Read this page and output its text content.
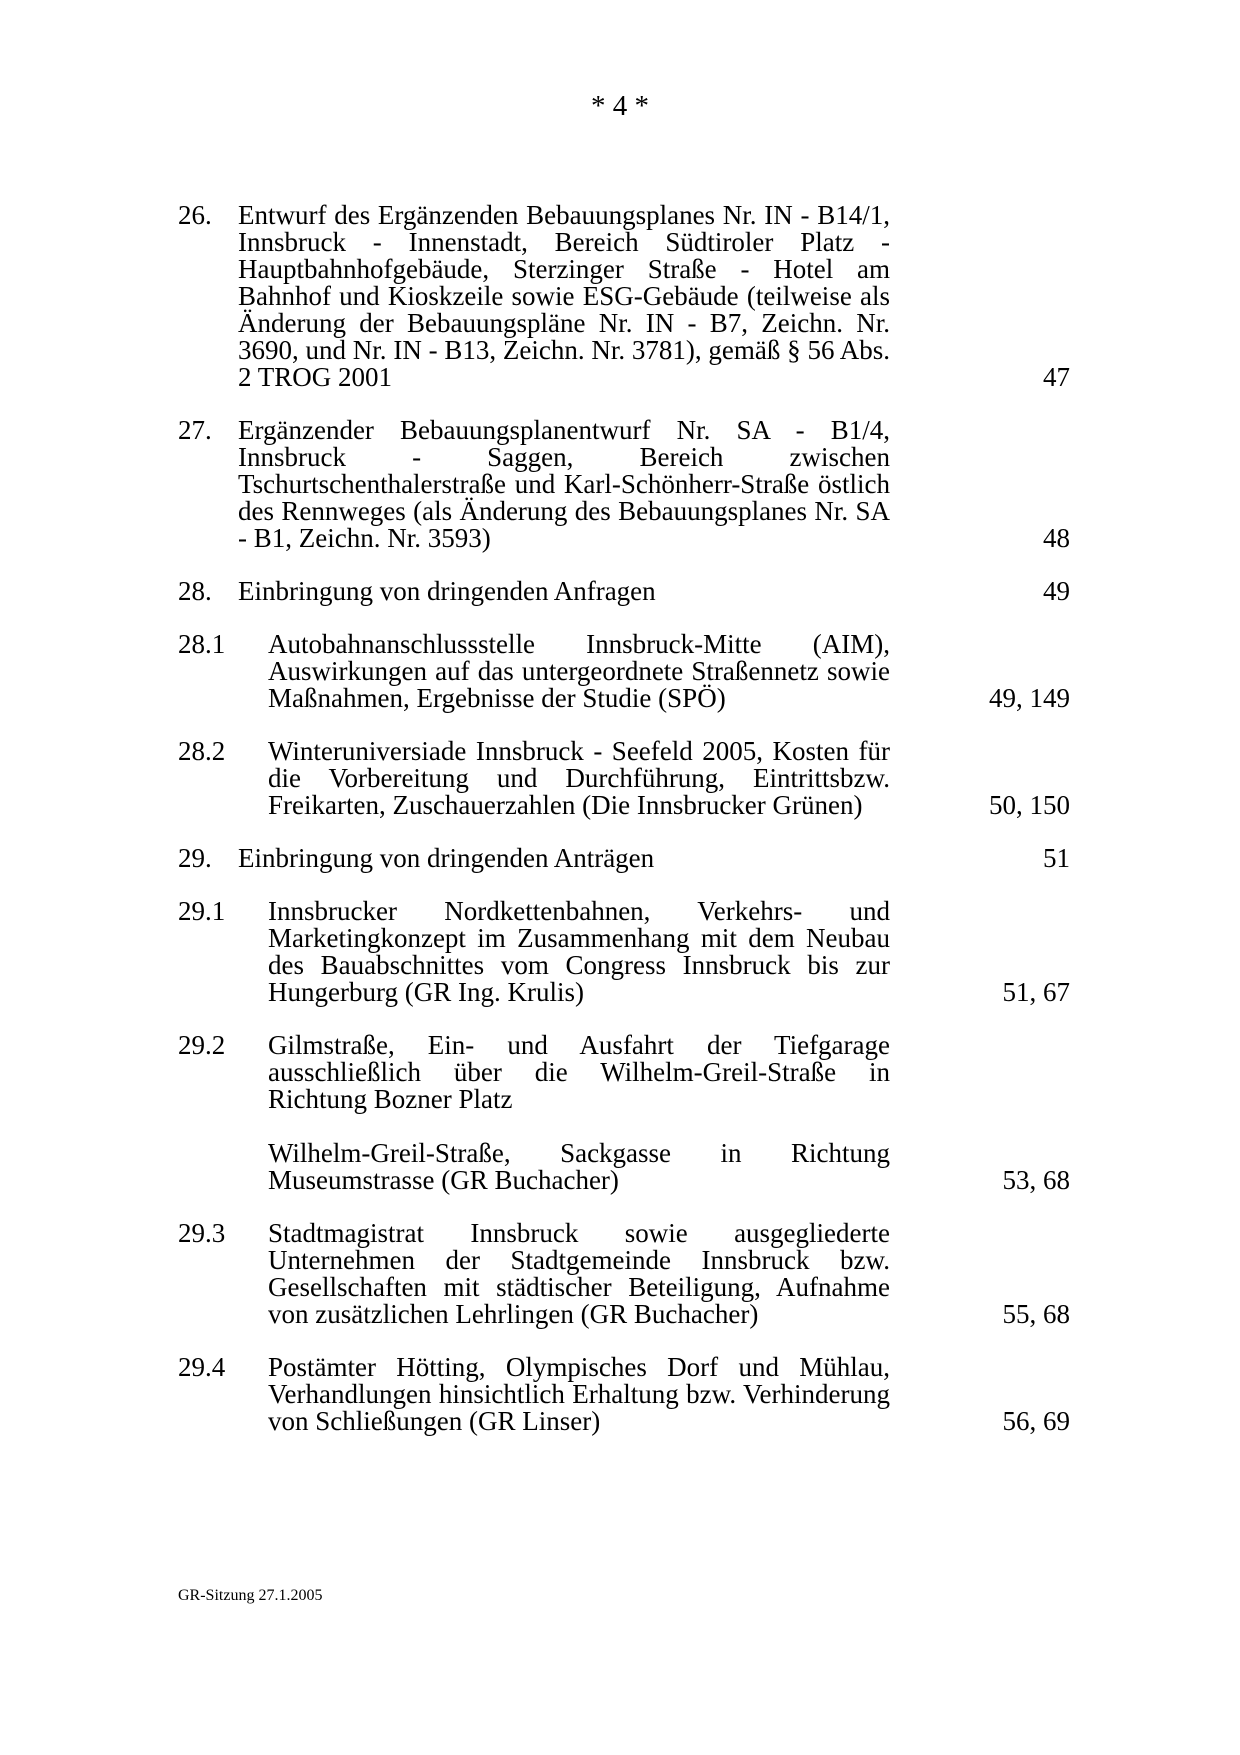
* 4 *
26. Entwurf des Ergänzenden Bebauungsplanes Nr. IN - B14/1, Innsbruck - Innenstadt, Bereich Südtiroler Platz - Hauptbahnhofgebäude, Sterzinger Straße - Hotel am Bahnhof und Kioskzeile sowie ESG-Gebäude (teilweise als Änderung der Bebauungspläne Nr. IN - B7, Zeichn. Nr. 3690, und Nr. IN - B13, Zeichn. Nr. 3781), gemäß § 56 Abs. 2 TROG 2001	47
27. Ergänzender Bebauungsplanentwurf Nr. SA - B1/4, Innsbruck - Saggen, Bereich zwischen Tschurtschenthalerstraße und Karl-Schönherr-Straße östlich des Rennweges (als Änderung des Bebauungsplanes Nr. SA - B1, Zeichn. Nr. 3593)	48
28. Einbringung von dringenden Anfragen	49
28.1 Autobahnanschlussstelle Innsbruck-Mitte (AIM), Auswirkungen auf das untergeordnete Straßennetz sowie Maßnahmen, Ergebnisse der Studie (SPÖ)	49, 149
28.2 Winteruniversiade Innsbruck - Seefeld 2005, Kosten für die Vorbereitung und Durchführung, Eintrittsbzw. Freikarten, Zuschauerzahlen (Die Innsbrucker Grünen)	50, 150
29. Einbringung von dringenden Anträgen	51
29.1 Innsbrucker Nordkettenbahnen, Verkehrs- und Marketingkonzept im Zusammenhang mit dem Neubau des Bauabschnittes vom Congress Innsbruck bis zur Hungerburg (GR Ing. Krulis)	51, 67
29.2 Gilmstraße, Ein- und Ausfahrt der Tiefgarage ausschließlich über die Wilhelm-Greil-Straße in Richtung Bozner Platz
Wilhelm-Greil-Straße, Sackgasse in Richtung Museumstrasse (GR Buchacher)	53, 68
29.3 Stadtmagistrat Innsbruck sowie ausgegliederte Unternehmen der Stadtgemeinde Innsbruck bzw. Gesellschaften mit städtischer Beteiligung, Aufnahme von zusätzlichen Lehrlingen (GR Buchacher)	55, 68
29.4 Postämter Hötting, Olympisches Dorf und Mühlau, Verhandlungen hinsichtlich Erhaltung bzw. Verhinderung von Schließungen (GR Linser)	56, 69
GR-Sitzung 27.1.2005
